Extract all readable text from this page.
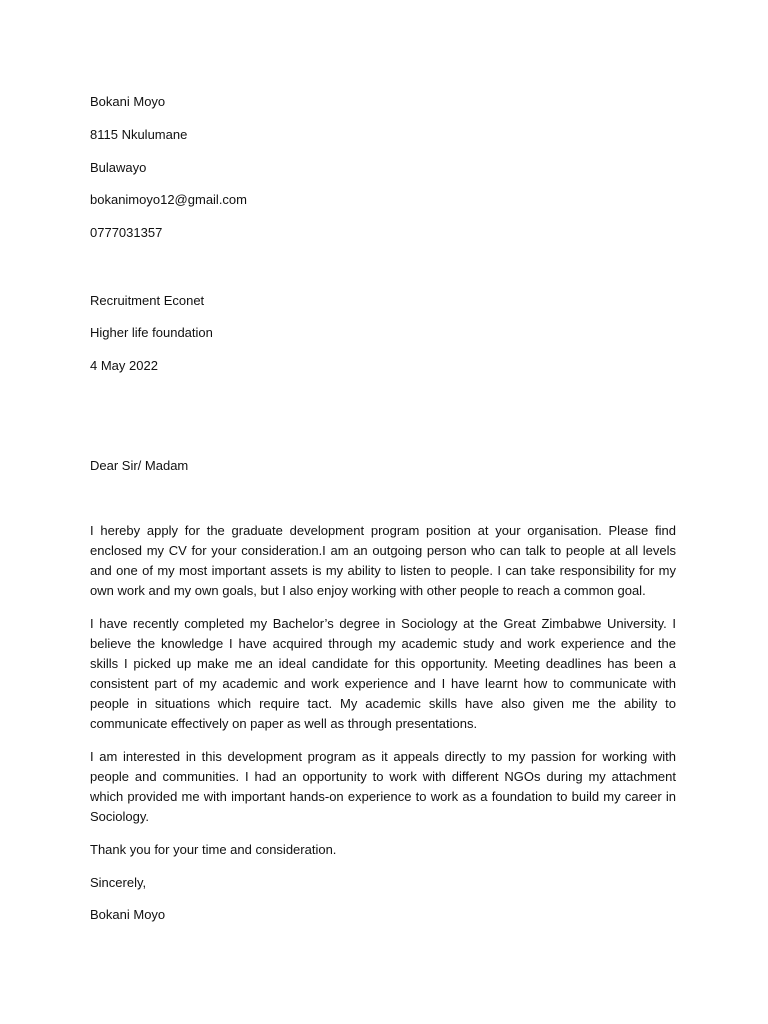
Bokani Moyo

8115 Nkulumane

Bulawayo

bokanimoyo12@gmail.com

0777031357

Recruitment Econet

Higher life foundation

4 May 2022

Dear Sir/ Madam

I hereby apply for the graduate development program position at your organisation. Please find enclosed my CV for your consideration.I am an outgoing person who can talk to people at all levels and one of my most important assets is my ability to listen to people. I can take responsibility for my own work and my own goals, but I also enjoy working with other people to reach a common goal.

I have recently completed my Bachelor’s degree in Sociology at the Great Zimbabwe University. I believe the knowledge I have acquired through my academic study and work experience and the skills I picked up make me an ideal candidate for this opportunity. Meeting deadlines has been a consistent part of my academic and work experience and I have learnt how to communicate with people in situations which require tact. My academic skills have also given me the ability to communicate effectively on paper as well as through presentations.

I am interested in this development program as it appeals directly to my passion for working with people and communities. I had an opportunity to work with different NGOs during my attachment which provided me with important hands-on experience to work as a foundation to build my career in Sociology.

Thank you for your time and consideration.

Sincerely,

Bokani Moyo
